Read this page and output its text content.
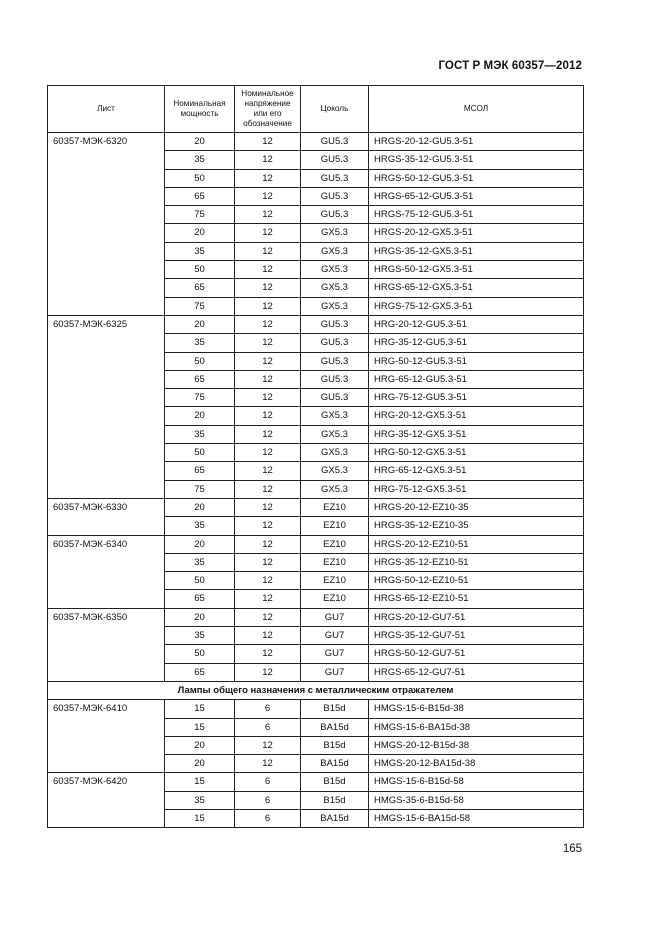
ГОСТ Р МЭК 60357—2012
Лист	Номинальная мощность	Номинальное напряжение или его обозначение	Цоколь	МСОЛ
60357-МЭК-6320	20	12	GU5.3	HRGS-20-12-GU5.3-51
	35	12	GU5.3	HRGS-35-12-GU5.3-51
	50	12	GU5.3	HRGS-50-12-GU5.3-51
	65	12	GU5.3	HRGS-65-12-GU5.3-51
	75	12	GU5.3	HRGS-75-12-GU5.3-51
	20	12	GX5.3	HRGS-20-12-GX5.3-51
	35	12	GX5.3	HRGS-35-12-GX5.3-51
	50	12	GX5.3	HRGS-50-12-GX5.3-51
	65	12	GX5.3	HRGS-65-12-GX5.3-51
	75	12	GX5.3	HRGS-75-12-GX5.3-51
60357-МЭК-6325	20	12	GU5.3	HRG-20-12-GU5.3-51
	35	12	GU5.3	HRG-35-12-GU5.3-51
	50	12	GU5.3	HRG-50-12-GU5.3-51
	65	12	GU5.3	HRG-65-12-GU5.3-51
	75	12	GU5.3	HRG-75-12-GU5.3-51
	20	12	GX5.3	HRG-20-12-GX5.3-51
	35	12	GX5.3	HRG-35-12-GX5.3-51
	50	12	GX5.3	HRG-50-12-GX5.3-51
	65	12	GX5.3	HRG-65-12-GX5.3-51
	75	12	GX5.3	HRG-75-12-GX5.3-51
60357-МЭК-6330	20	12	EZ10	HRGS-20-12-EZ10-35
	35	12	EZ10	HRGS-35-12-EZ10-35
60357-МЭК-6340	20	12	EZ10	HRGS-20-12-EZ10-51
	35	12	EZ10	HRGS-35-12-EZ10-51
	50	12	EZ10	HRGS-50-12-EZ10-51
	65	12	EZ10	HRGS-65-12-EZ10-51
60357-МЭК-6350	20	12	GU7	HRGS-20-12-GU7-51
	35	12	GU7	HRGS-35-12-GU7-51
	50	12	GU7	HRGS-50-12-GU7-51
	65	12	GU7	HRGS-65-12-GU7-51
Лампы общего назначения с металлическим отражателем				
60357-МЭК-6410	15	6	B15d	HMGS-15-6-B15d-38
	15	6	BA15d	HMGS-15-6-BA15d-38
	20	12	B15d	HMGS-20-12-B15d-38
	20	12	BA15d	HMGS-20-12-BA15d-38
60357-МЭК-6420	15	6	B15d	HMGS-15-6-B15d-58
	35	6	B15d	HMGS-35-6-B15d-58
	15	6	BA15d	HMGS-15-6-BA15d-58
165
